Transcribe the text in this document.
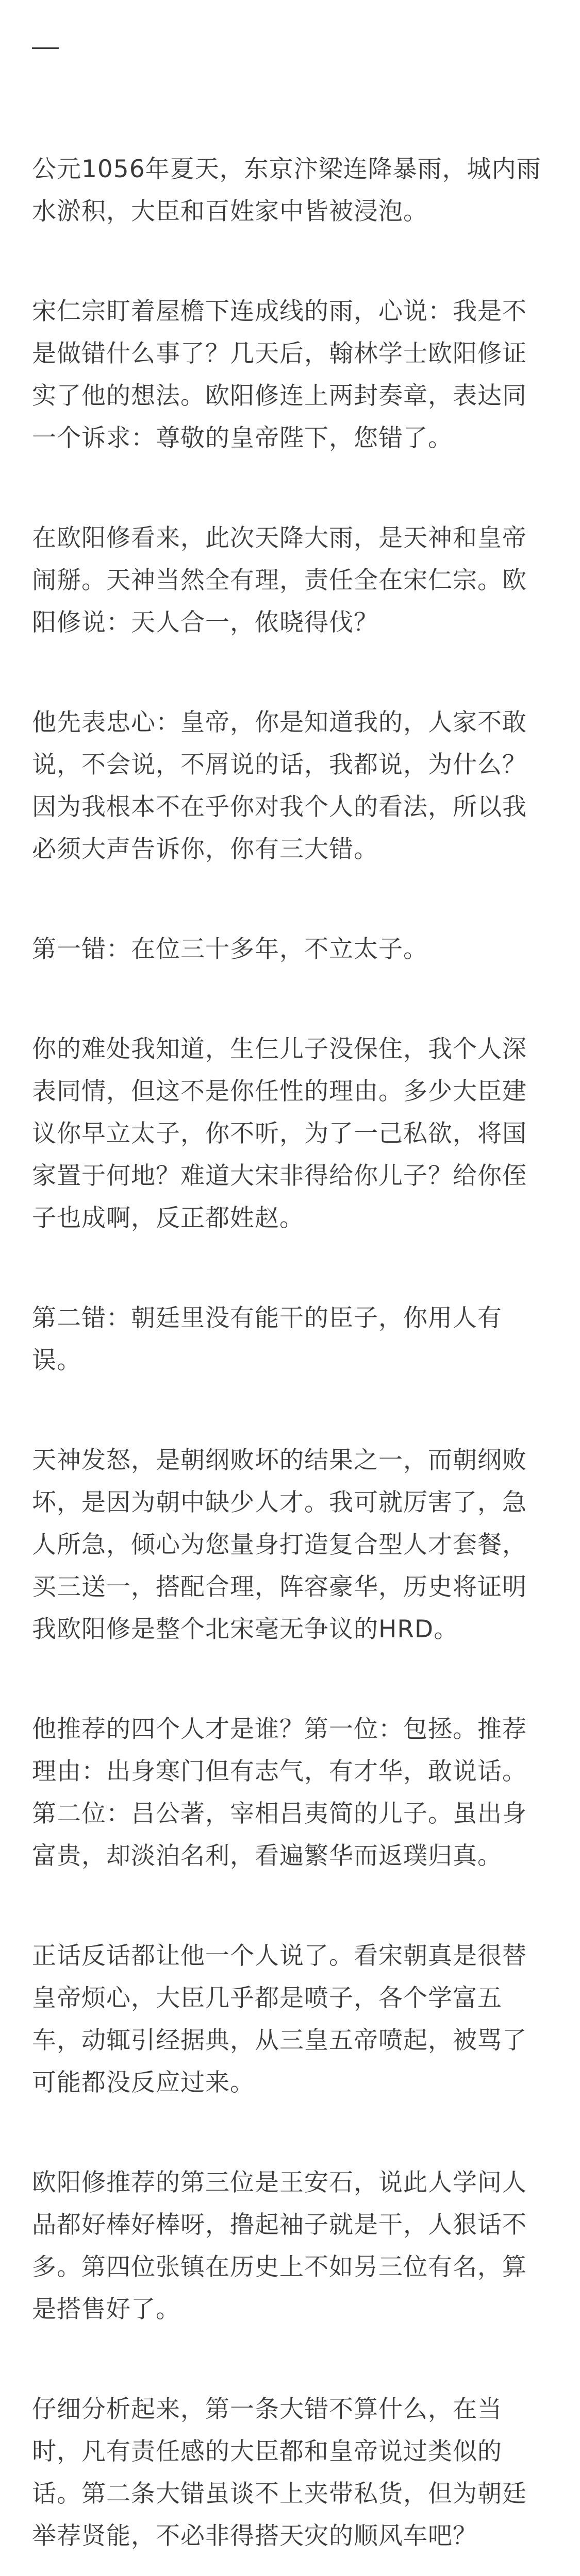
公元1056年夏天，东京汴梁连降暴雨，城内雨水淤积，大臣和百姓家中皆被浸泡。

宋仁宗盯着屋檐下连成线的雨，心说：我是不是做错什么事了？几天后，翰林学士欧阳修证实了他的想法。欧阳修连上两封奏章，表达同一个诉求：尊敬的皇帝陛下，您错了。

在欧阳修看来，此次天降大雨，是天神和皇帝闹掰。天神当然全有理，责任全在宋仁宗。欧阳修说：天人合一，侬晓得伐？

他先表忠心：皇帝，你是知道我的，人家不敢说，不会说，不屑说的话，我都说，为什么？因为我根本不在乎你对我个人的看法，所以我必须大声告诉你，你有三大错。

第一错：在位三十多年，不立太子。

你的难处我知道，生仨儿子没保住，我个人深表同情，但这不是你任性的理由。多少大臣建议你早立太子，你不听，为了一己私欲，将国家置于何地？难道大宋非得给你儿子？给你侄子也成啊，反正都姓赵。

第二错：朝廷里没有能干的臣子，你用人有误。

天神发怒，是朝纲败坏的结果之一，而朝纲败坏，是因为朝中缺少人才。我可就厉害了，急人所急，倾心为您量身打造复合型人才套餐，买三送一，搭配合理，阵容豪华，历史将证明我欧阳修是整个北宋毫无争议的HRD。

他推荐的四个人才是谁？第一位：包拯。推荐理由：出身寒门但有志气，有才华，敢说话。第二位：吕公著，宰相吕夷简的儿子。虽出身富贵，却淡泊名利，看遍繁华而返璞归真。

正话反话都让他一个人说了。看宋朝真是很替皇帝烦心，大臣几乎都是喷子，各个学富五车，动辄引经据典，从三皇五帝喷起，被骂了可能都没反应过来。

欧阳修推荐的第三位是王安石，说此人学问人品都好棒好棒呀，撸起袖子就是干，人狠话不多。第四位张镇在历史上不如另三位有名，算是搭售好了。

仔细分析起来，第一条大错不算什么，在当时，凡有责任感的大臣都和皇帝说过类似的话。第二条大错虽谈不上夹带私货，但为朝廷举荐贤能，不必非得搭天灾的顺风车吧？
